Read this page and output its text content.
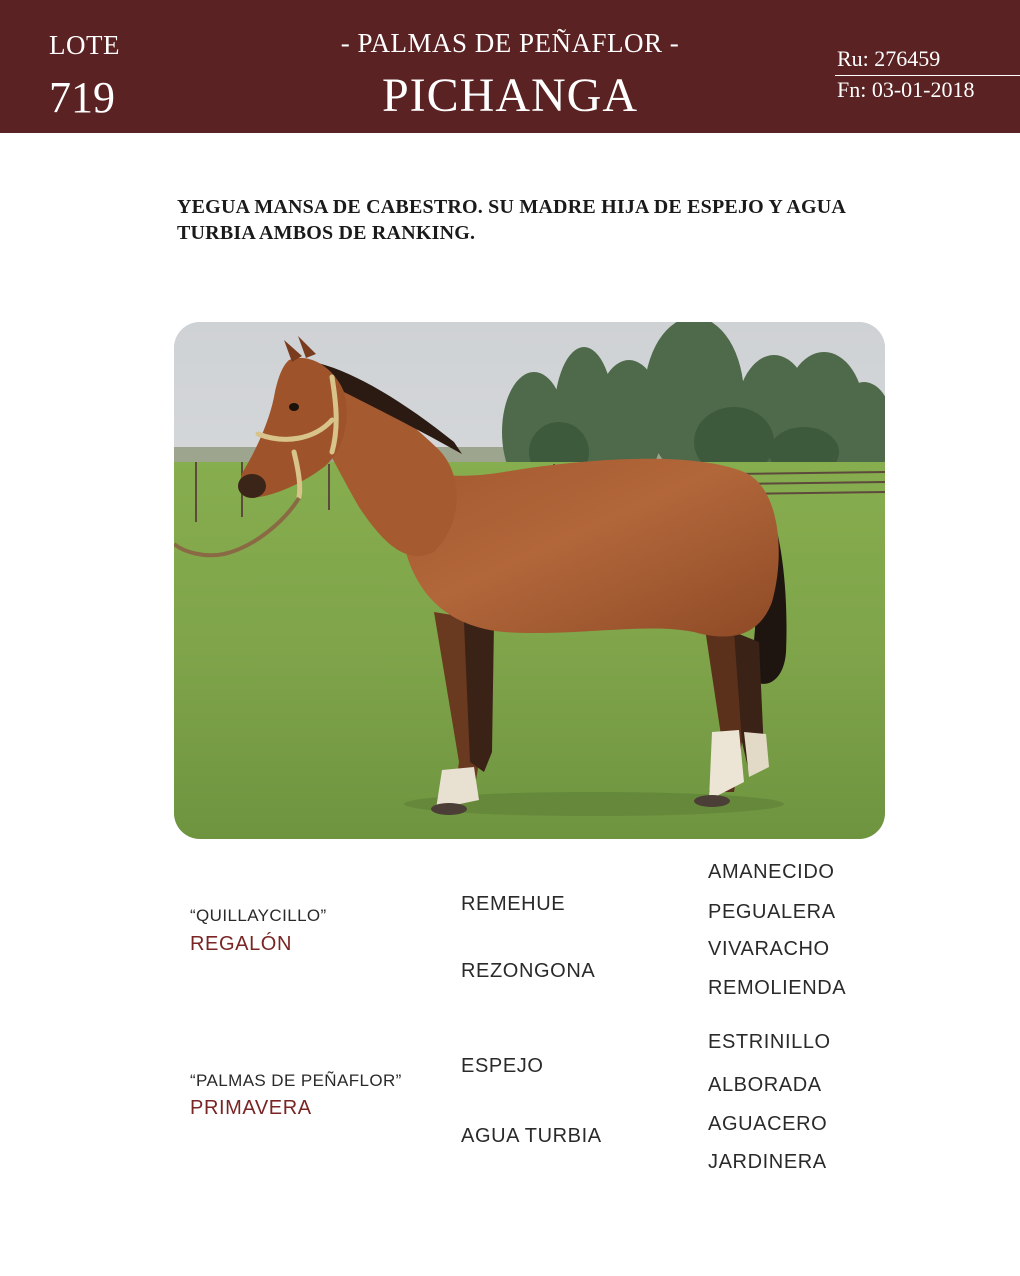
LOTE
719
- PALMAS DE PEÑAFLOR -
PICHANGA
Ru: 276459
Fn: 03-01-2018
YEGUA MANSA DE CABESTRO. SU MADRE HIJA DE ESPEJO Y AGUA TURBIA AMBOS DE RANKING.
“QUILLAYCILLO”
REGALÓN
“PALMAS DE PEÑAFLOR”
PRIMAVERA
REMEHUE
REZONGONA
ESPEJO
AGUA TURBIA
AMANECIDO
PEGUALERA
VIVARACHO
REMOLIENDA
ESTRINILLO
ALBORADA
AGUACERO
JARDINERA
